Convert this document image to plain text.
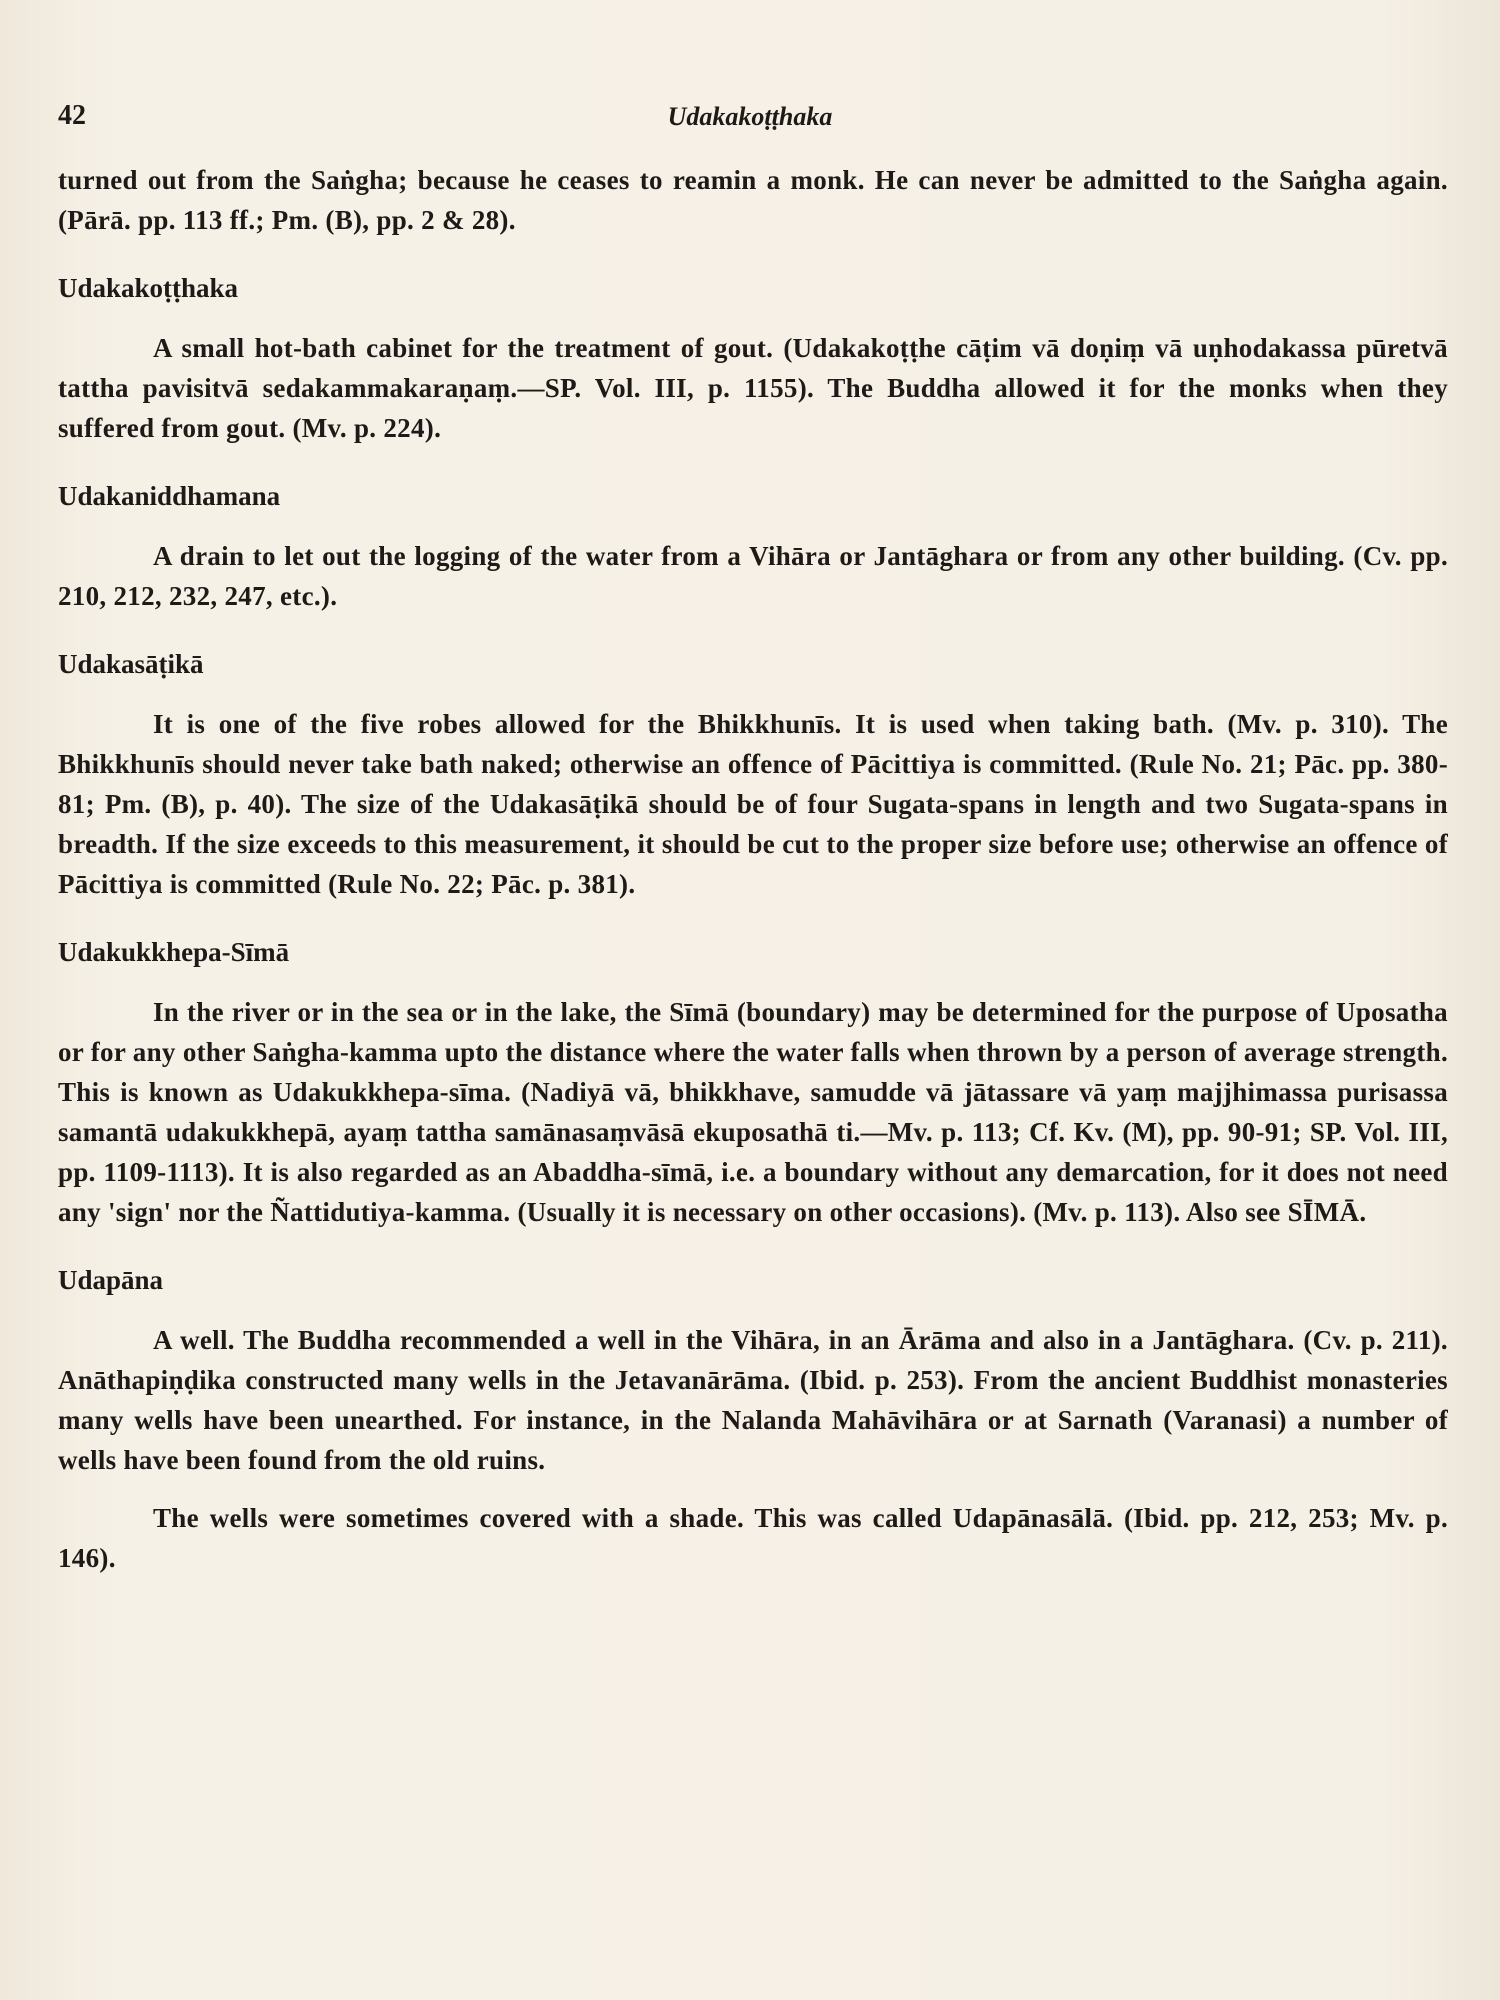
42	Udakakoṭṭhaka

turned out from the Saṅgha; because he ceases to reamin a monk. He can never be admitted to the Saṅgha again. (Pārā. pp. 113 ff.; Pm. (B), pp. 2 & 28).

Udakakoṭṭhaka

A small hot-bath cabinet for the treatment of gout. (Udakakoṭṭhe cāṭim vā doṇiṃ vā uṇhodakassa pūretvā tattha pavisitvā sedakammakaraṇaṃ.—SP. Vol. III, p. 1155). The Buddha allowed it for the monks when they suffered from gout. (Mv. p. 224).

Udakaniddhamana

A drain to let out the logging of the water from a Vihāra or Jantāghara or from any other building. (Cv. pp. 210, 212, 232, 247, etc.).

Udakasāṭikā

It is one of the five robes allowed for the Bhikkhunīs. It is used when taking bath. (Mv. p. 310). The Bhikkhunīs should never take bath naked; otherwise an offence of Pācittiya is committed. (Rule No. 21; Pāc. pp. 380-81; Pm. (B), p. 40). The size of the Udakasāṭikā should be of four Sugata-spans in length and two Sugata-spans in breadth. If the size exceeds to this measurement, it should be cut to the proper size before use; otherwise an offence of Pācittiya is committed (Rule No. 22; Pāc. p. 381).

Udakukkhepa-Sīmā

In the river or in the sea or in the lake, the Sīmā (boundary) may be determined for the purpose of Uposatha or for any other Saṅgha-kamma upto the distance where the water falls when thrown by a person of average strength. This is known as Udakukkhepa-sīma. (Nadiyā vā, bhikkhave, samudde vā jātassare vā yaṃ majjhimassa purisassa samantā udakukkhepā, ayaṃ tattha samānasaṃvāsā ekuposathā ti.—Mv. p. 113; Cf. Kv. (M), pp. 90-91; SP. Vol. III, pp. 1109-1113). It is also regarded as an Abaddha-sīmā, i.e. a boundary without any demarcation, for it does not need any 'sign' nor the Ñattidutiya-kamma. (Usually it is necessary on other occasions). (Mv. p. 113). Also see SĪMĀ.

Udapāna

A well. The Buddha recommended a well in the Vihāra, in an Ārāma and also in a Jantāghara. (Cv. p. 211). Anāthapiṇḍika constructed many wells in the Jetavanārāma. (Ibid. p. 253). From the ancient Buddhist monasteries many wells have been unearthed. For instance, in the Nalanda Mahāvihāra or at Sarnath (Varanasi) a number of wells have been found from the old ruins.

The wells were sometimes covered with a shade. This was called Udapānasālā. (Ibid. pp. 212, 253; Mv. p. 146).
